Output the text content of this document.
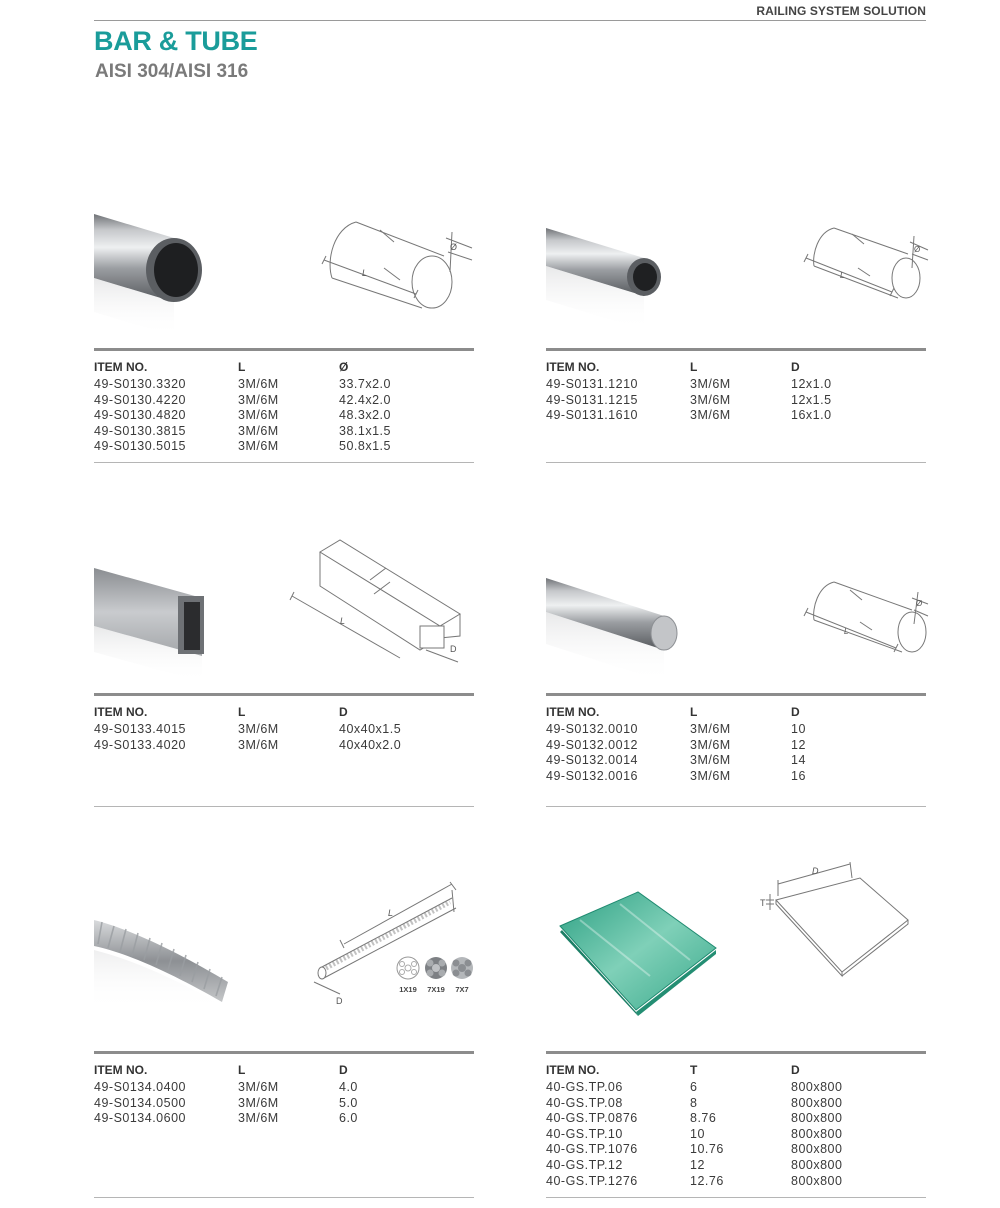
RAILING SYSTEM SOLUTION
BAR & TUBE
AISI 304/AISI 316
L
Ø
ITEM NO.	L	Ø
49-S0130.3320	3M/6M	33.7x2.0
49-S0130.4220	3M/6M	42.4x2.0
49-S0130.4820	3M/6M	48.3x2.0
49-S0130.3815	3M/6M	38.1x1.5
49-S0130.5015	3M/6M	50.8x1.5
L
Ø
ITEM NO.	L	D
49-S0131.1210	3M/6M	12x1.0
49-S0131.1215	3M/6M	12x1.5
49-S0131.1610	3M/6M	16x1.0
L
D
ITEM NO.	L	D
49-S0133.4015	3M/6M	40x40x1.5
49-S0133.4020	3M/6M	40x40x2.0
L
Ø
ITEM NO.	L	D
49-S0132.0010	3M/6M	10
49-S0132.0012	3M/6M	12
49-S0132.0014	3M/6M	14
49-S0132.0016	3M/6M	16
L
D
1X19 7X19 7X7
ITEM NO.	L	D
49-S0134.0400	3M/6M	4.0
49-S0134.0500	3M/6M	5.0
49-S0134.0600	3M/6M	6.0
D
T
ITEM NO.	T	D
40-GS.TP.06	6	800x800
40-GS.TP.08	8	800x800
40-GS.TP.0876	8.76	800x800
40-GS.TP.10	10	800x800
40-GS.TP.1076	10.76	800x800
40-GS.TP.12	12	800x800
40-GS.TP.1276	12.76	800x800
